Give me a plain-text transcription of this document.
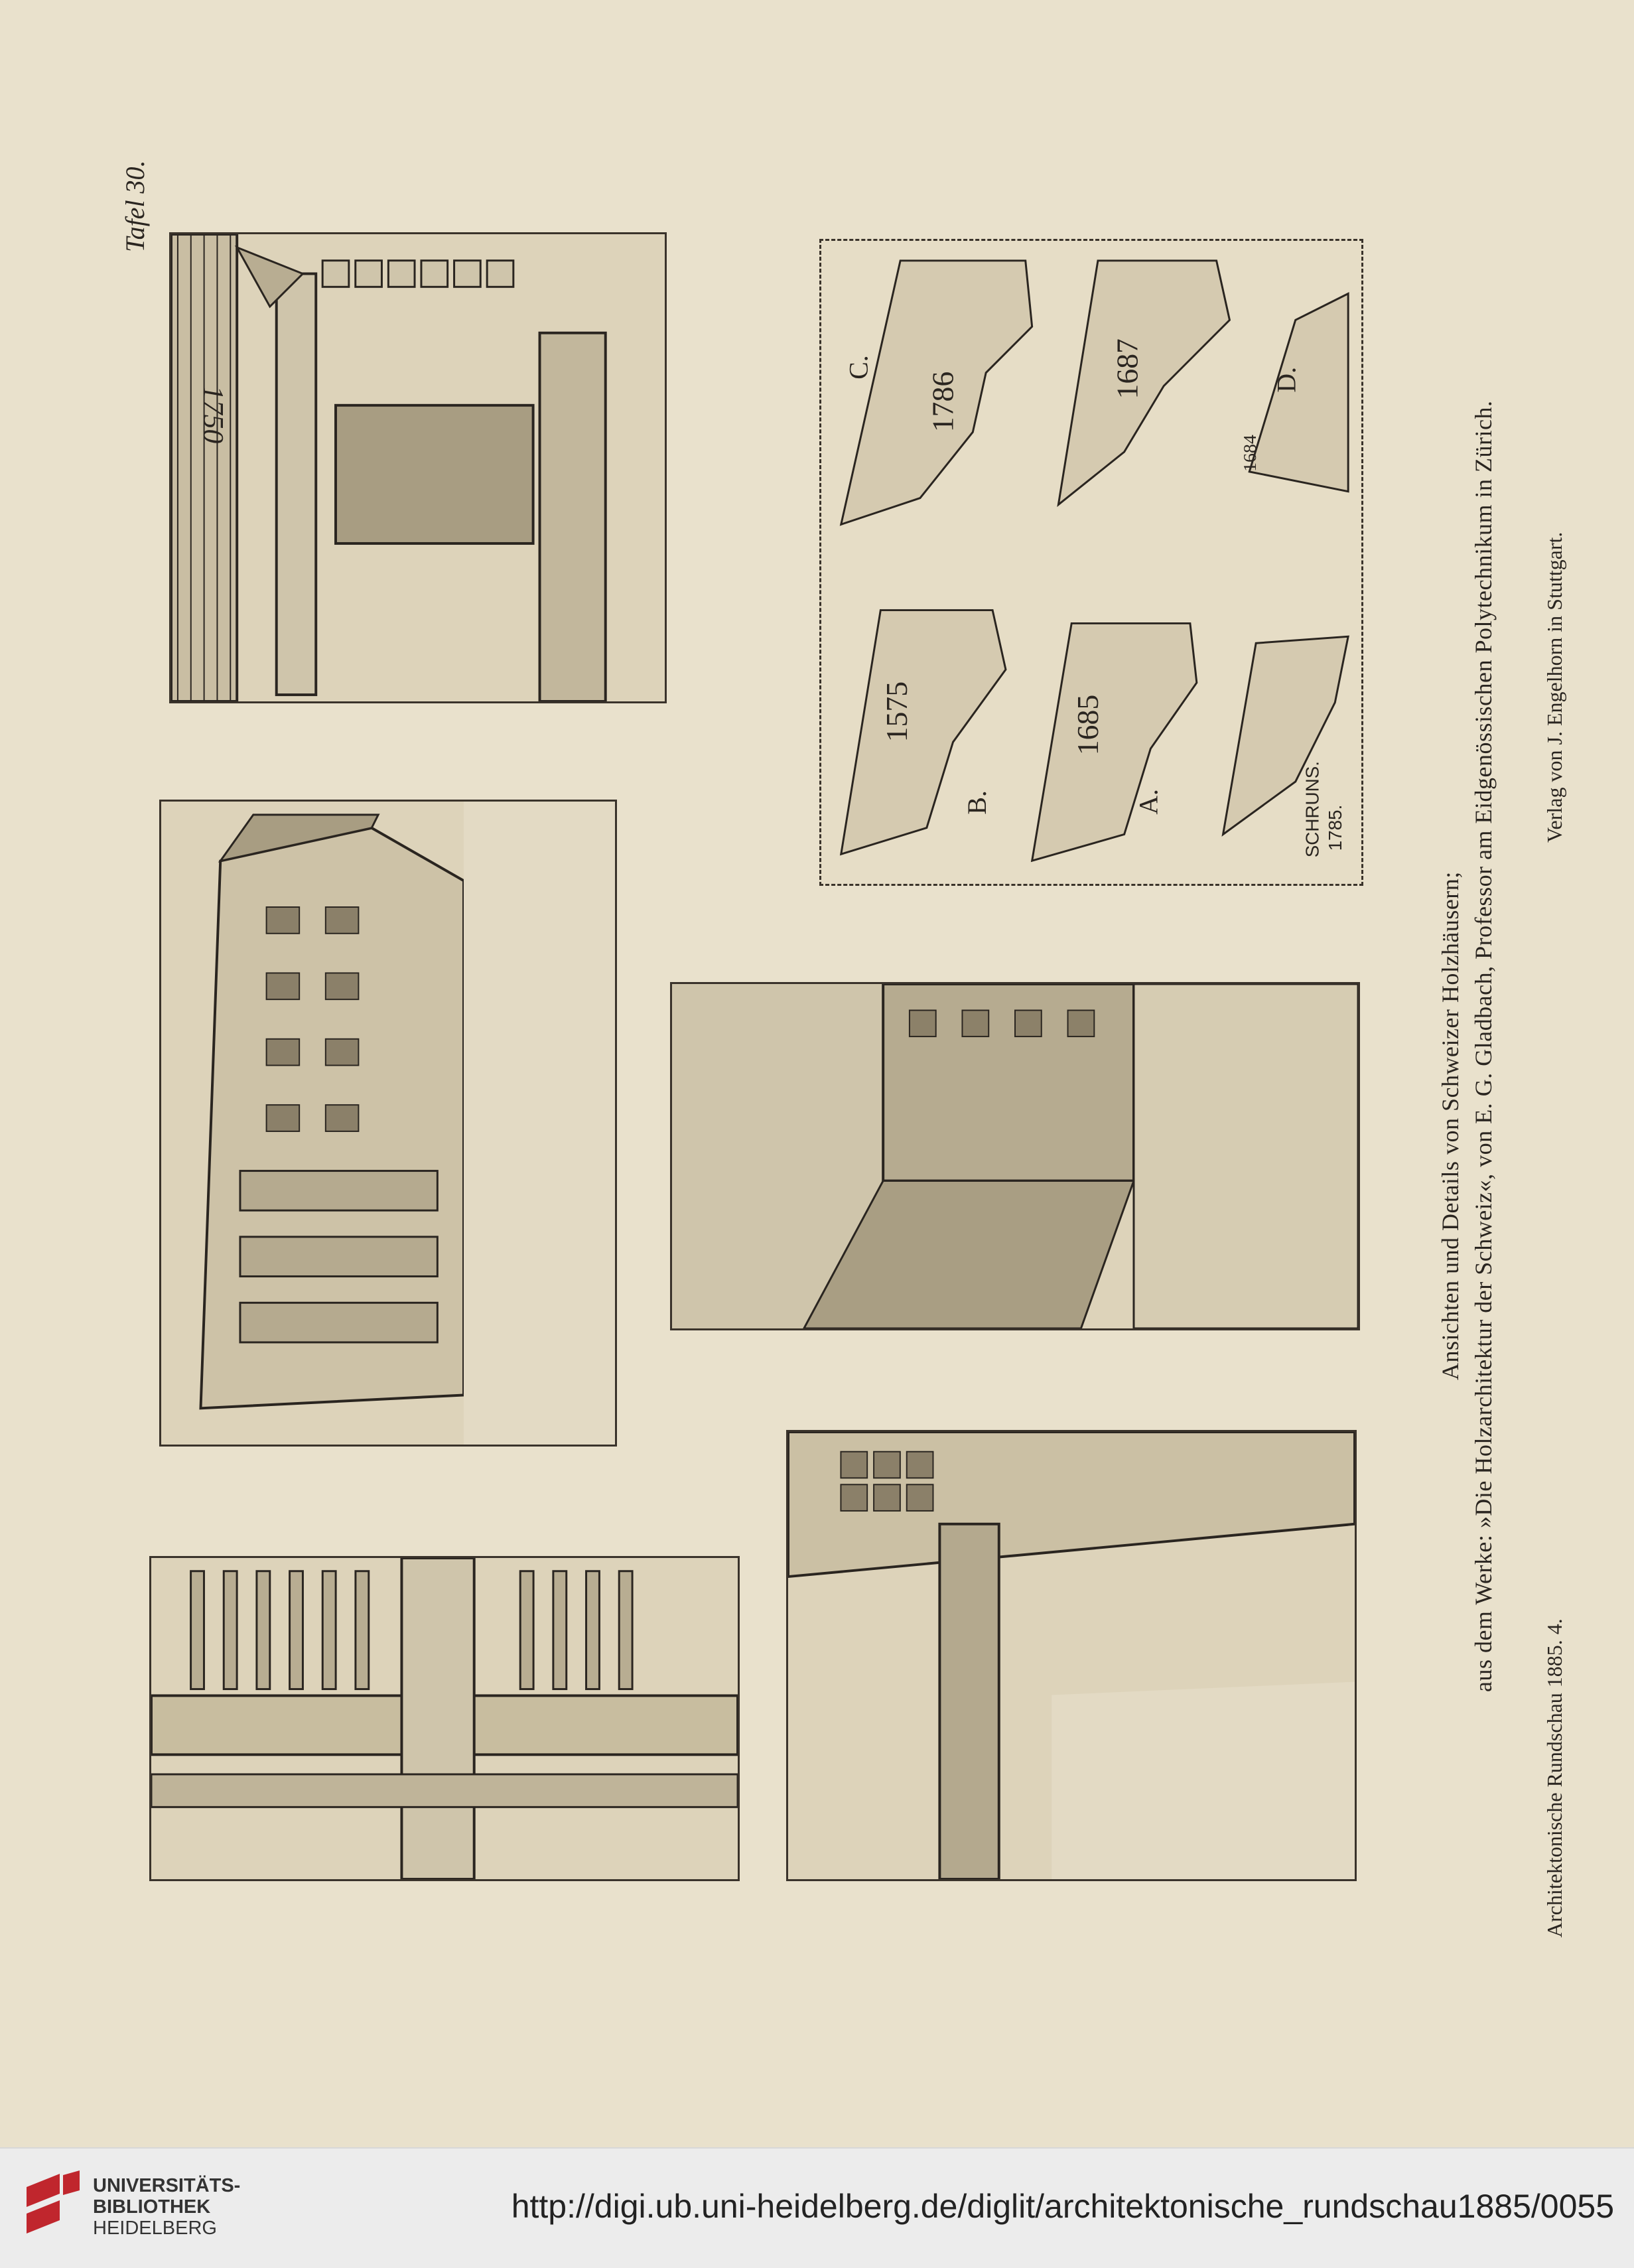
Tafel 30.
1750
C.	D.
B.	A.
1786
1687
1684
1575	1685
SCHRUNS. 1785.
Ansichten und Details von Schweizer Holzhäusern; aus dem Werke: »Die Holzarchitektur der Schweiz«, von E. G. Gladbach, Professor am Eidgenössischen Polytechnikum in Zürich.
Architektonische Rundschau 1885. 4.
Verlag von J. Engelhorn in Stuttgart.
UNIVERSITÄTS-
BIBLIOTHEK
HEIDELBERG
http://digi.ub.uni-heidelberg.de/diglit/architektonische_rundschau1885/0055
